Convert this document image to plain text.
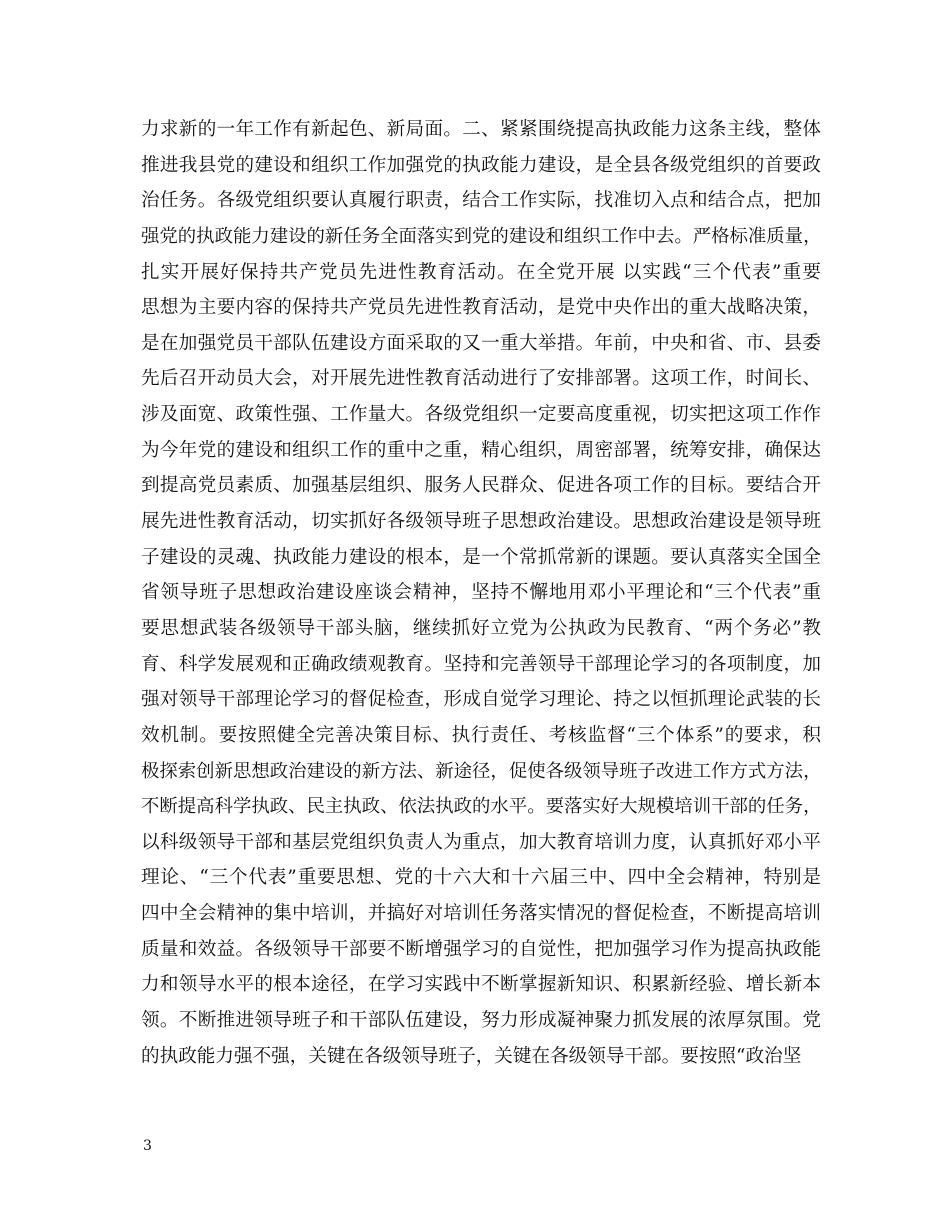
力求新的一年工作有新起色、新局面。二、紧紧围绕提高执政能力这条主线，整体
推进我县党的建设和组织工作加强党的执政能力建设，是全县各级党组织的首要政
治任务。各级党组织要认真履行职责，结合工作实际，找准切入点和结合点，把加
强党的执政能力建设的新任务全面落实到党的建设和组织工作中去。严格标准质量，
扎实开展好保持共产党员先进性教育活动。在全党开展 以实践“三个代表”重要
思想为主要内容的保持共产党员先进性教育活动，是党中央作出的重大战略决策，
是在加强党员干部队伍建设方面采取的又一重大举措。年前，中央和省、市、县委
先后召开动员大会，对开展先进性教育活动进行了安排部署。这项工作，时间长、
涉及面宽、政策性强、工作量大。各级党组织一定要高度重视，切实把这项工作作
为今年党的建设和组织工作的重中之重，精心组织，周密部署，统筹安排，确保达
到提高党员素质、加强基层组织、服务人民群众、促进各项工作的目标。要结合开
展先进性教育活动，切实抓好各级领导班子思想政治建设。思想政治建设是领导班
子建设的灵魂、执政能力建设的根本，是一个常抓常新的课题。要认真落实全国全
省领导班子思想政治建设座谈会精神，坚持不懈地用邓小平理论和“三个代表”重
要思想武装各级领导干部头脑，继续抓好立党为公执政为民教育、“两个务必”教
育、科学发展观和正确政绩观教育。坚持和完善领导干部理论学习的各项制度，加
强对领导干部理论学习的督促检查，形成自觉学习理论、持之以恒抓理论武装的长
效机制。要按照健全完善决策目标、执行责任、考核监督“三个体系”的要求，积
极探索创新思想政治建设的新方法、新途径，促使各级领导班子改进工作方式方法，
不断提高科学执政、民主执政、依法执政的水平。要落实好大规模培训干部的任务，
以科级领导干部和基层党组织负责人为重点，加大教育培训力度，认真抓好邓小平
理论、“三个代表”重要思想、党的十六大和十六届三中、四中全会精神，特别是
四中全会精神的集中培训，并搞好对培训任务落实情况的督促检查，不断提高培训
质量和效益。各级领导干部要不断增强学习的自觉性，把加强学习作为提高执政能
力和领导水平的根本途径，在学习实践中不断掌握新知识、积累新经验、增长新本
领。不断推进领导班子和干部队伍建设，努力形成凝神聚力抓发展的浓厚氛围。党
的执政能力强不强，关键在各级领导班子，关键在各级领导干部。要按照“政治坚
3
